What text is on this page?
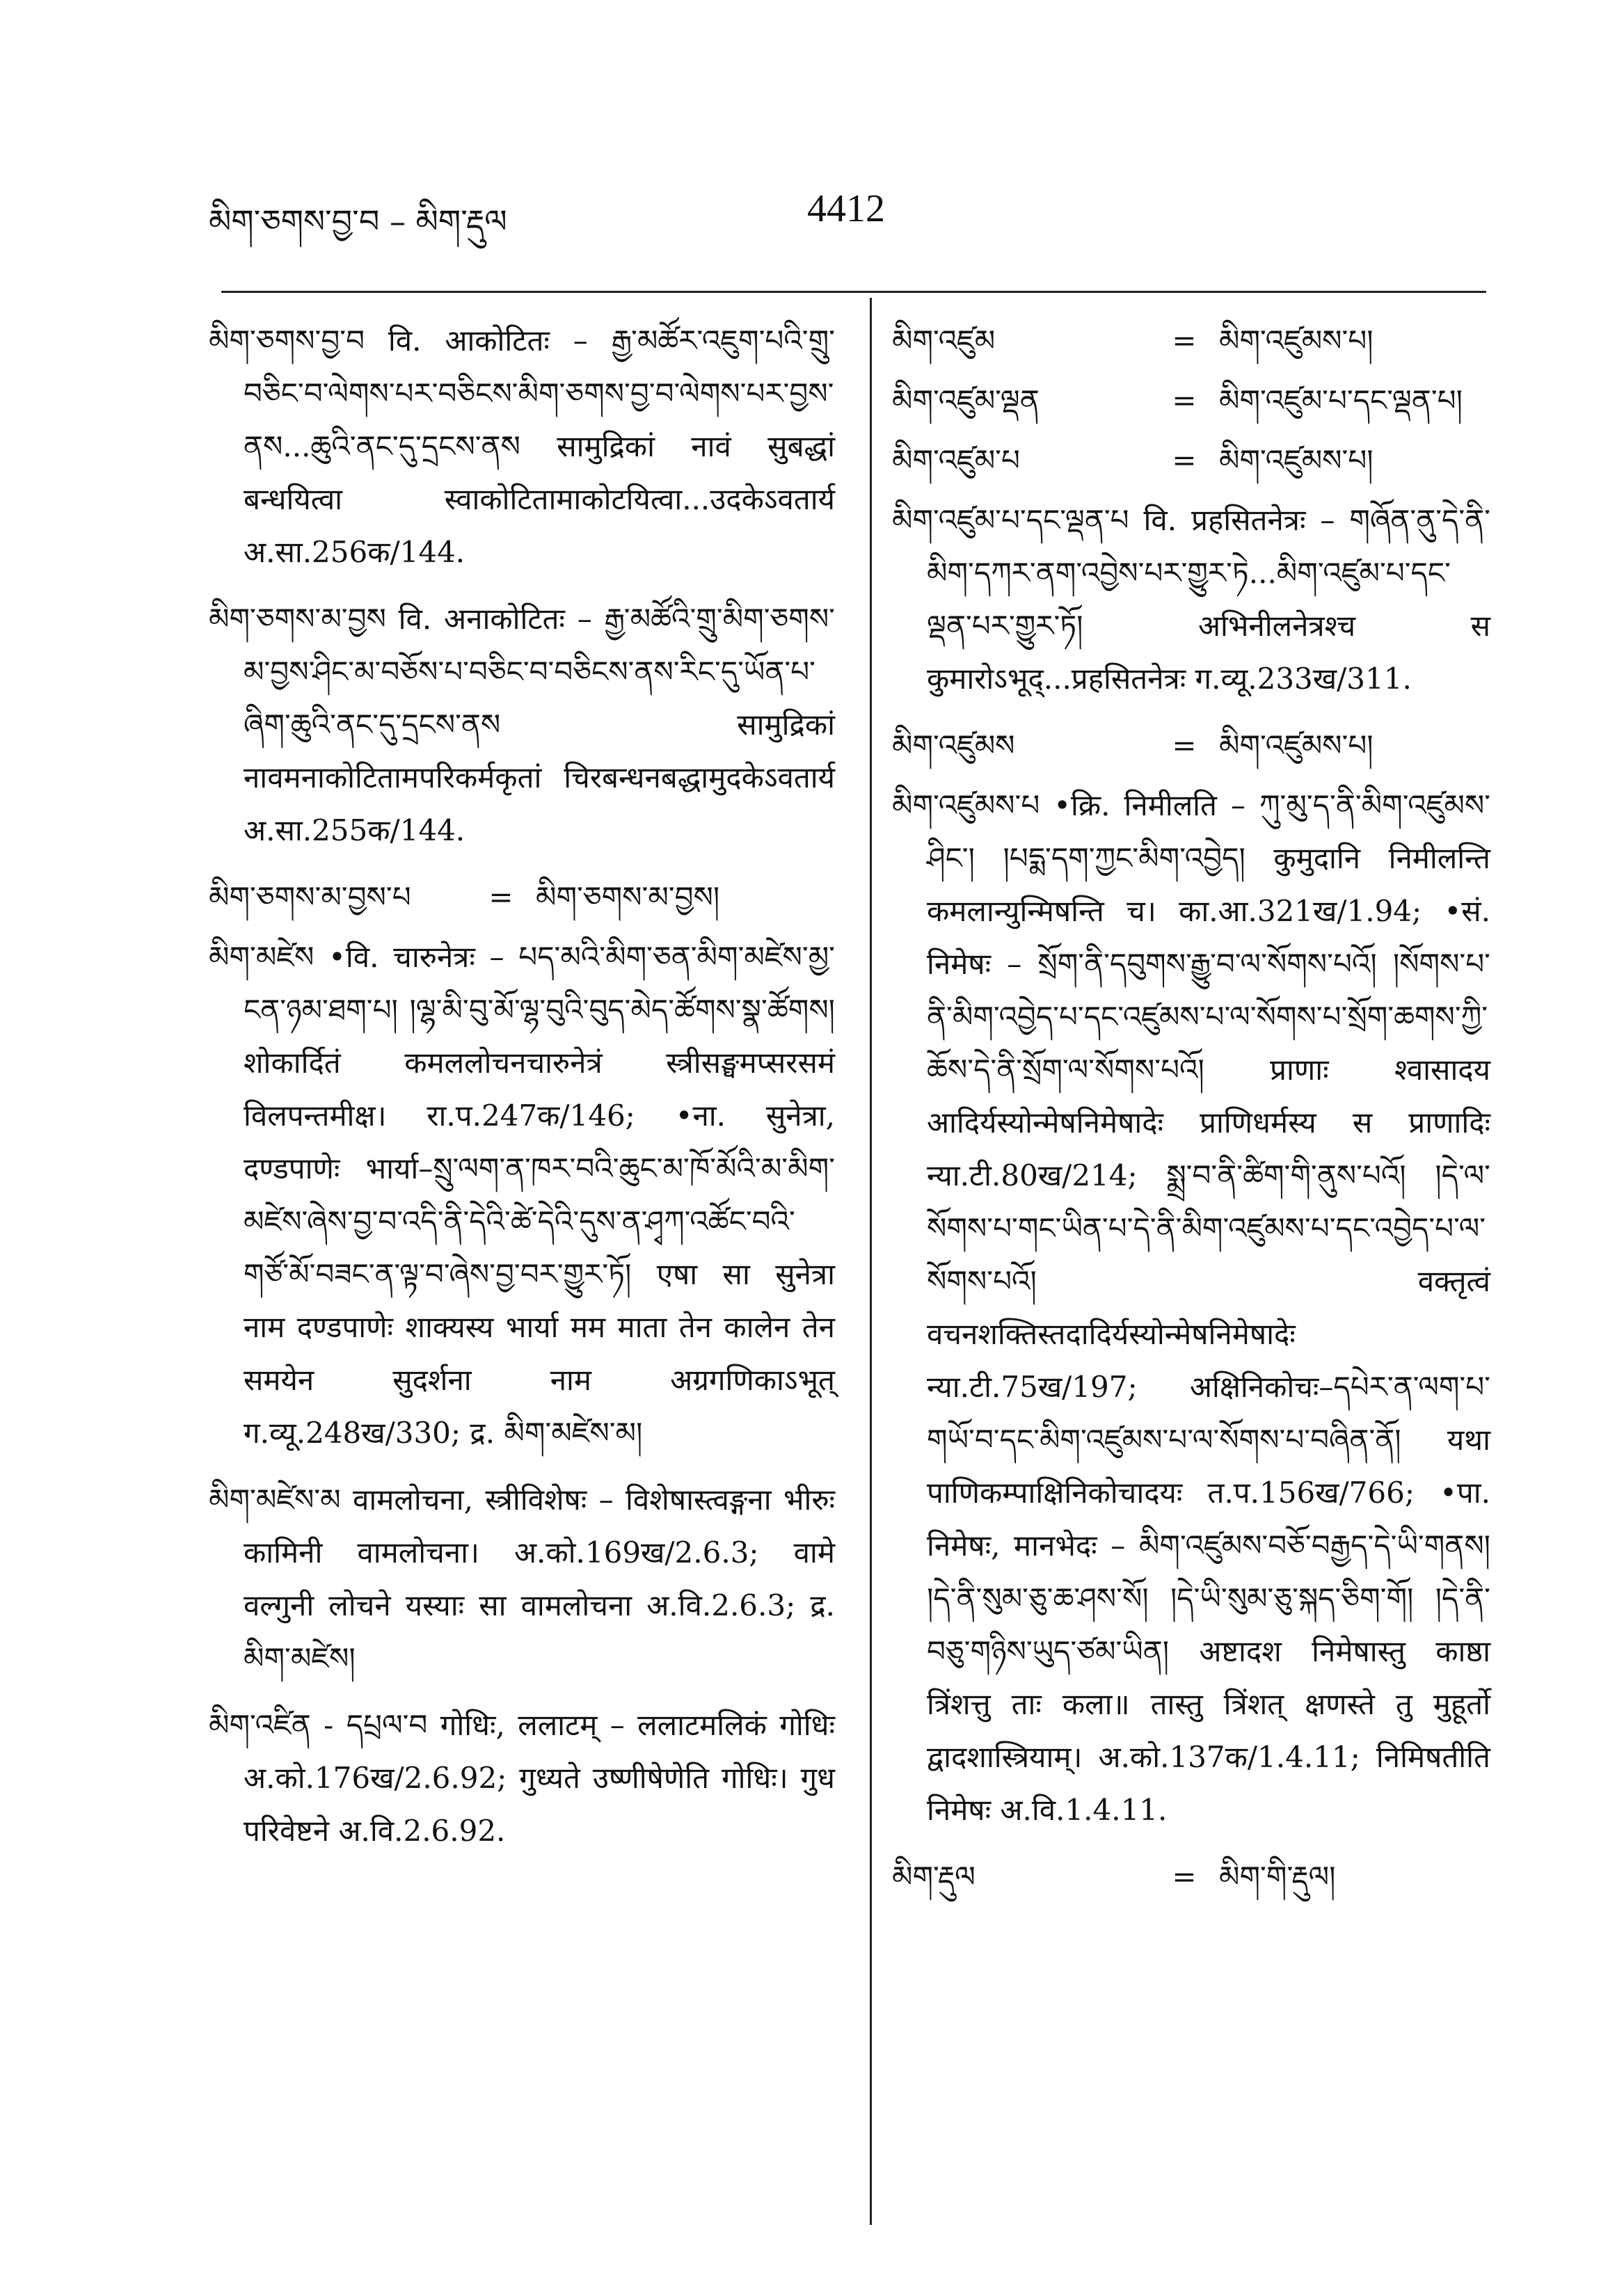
མིག་ཅགས་བྱ་བ – མིག་རྡུལ	4412
མིག་ཅགས་བྱ་བ वि. आकोटितः – རྒྱ་མཚོར་འཇུག་པའི་གྲུ་བཅིང་བ་ལེགས་པར་བཅིངས་མིག་ཅགས་བྱ་བ་ལེགས་པར་བྱས་ནས...ཆུའི་ནང་དུ་དྲངས་ནས सामुद्रिकां नावं सुबद्धां बन्धयित्वा स्वाकोटितामाकोटयित्वा...उदकेऽवतार्य अ.सा.256क/144.
མིག་ཅགས་མ་བྱས वि. अनाकोटितः – རྒྱ་མཚོའི་གྲུ་མིག་ཅགས་མ་བྱས་ཤིང་མ་བཅོས་པ་བཅིང་བ་བཅིངས་ནས་རིང་དུ་ཡོན་པ་ཞིག་ཆུའི་ནང་དུ་དྲངས་ནས सामुद्रिकां नावमनाकोटितामपरिकर्मकृतां चिरबन्धनबद्धामुदकेऽवतार्य अ.सा.255क/144.
མིག་ཅགས་མ་བྱས་པ	= མིག་ཅགས་མ་བྱས།
མིག་མཛེས •वि. चारुनेत्रः – པད་མའི་མིག་ཅན་མིག་མཛེས་མྱ་ངན་ཉམ་ཐག་པ། །ལྷ་མི་བུ་མོ་ལྷ་བུའི་བུད་མེད་ཚོགས་སྣ་ཚོགས། शोकार्दितं कमललोचनचारुनेत्रं स्त्रीसङ्घमप्सरसमं विलपन्तमीक्ष। रा.प.247क/146; •ना. सुनेत्रा, दण्डपाणेः भार्या–སྲུ་ལག་ན་ཁར་བའི་ཆུང་མ་ཁོ་མོའི་མ་མིག་མཛེས་ཞེས་བྱ་བ་འདི་ནི་དེའི་ཚེ་དེའི་དུས་ན་ཤྭཀ་འཚོང་བའི་གཙོ་མོ་བཟང་ན་ལྟ་བ་ཞེས་བྱ་བར་གྱུར་ཏོ། एषा सा सुनेत्रा नाम दण्डपाणेः शाक्यस्य भार्या मम माता तेन कालेन तेन समयेन सुदर्शना नाम अग्रगणिकाऽभूत् ग.व्यू.248ख/330; द्र. མིག་མཛེས་མ།
མིག་མཛེས་མ वामलोचना, स्त्रीविशेषः – विशेषास्त्वङ्गना भीरुः कामिनी वामलोचना। अ.को.169ख/2.6.3; वामे वल्गुनी लोचने यस्याः सा वामलोचना अ.वि.2.6.3; द्र. མིག་མཛེས།
མིག་འཛིན - དཔྲལ་བ गोधिः, ललाटम् – ललाटमलिकं गोधिः अ.को.176ख/2.6.92; गुध्यते उष्णीषेणेति गोधिः। गुध परिवेष्टने अ.वि.2.6.92.
མིག་འཛུམ	= མིག་འཛུམས་པ།
མིག་འཛུམ་ལྡན	= མིག་འཛུམ་པ་དང་ལྡན་པ།
མིག་འཛུམ་པ	= མིག་འཛུམས་པ།
མིག་འཛུམ་པ་དང་ལྡན་པ वि. प्रहसितनेत्रः – གཞོན་ནུ་དེ་ནི་མིག་དཀར་ནག་འབྱེས་པར་གྱུར་ཏེ...མིག་འཛུམ་པ་དང་ལྡན་པར་གྱུར་ཏོ། अभिनीलनेत्रश्च स कुमारोऽभूद्...प्रहसितनेत्रः ग.व्यू.233ख/311.
མིག་འཛུམས	= མིག་འཛུམས་པ།
མིག་འཛུམས་པ •क्रि. निमीलति – ཀུ་མུ་ད་ནི་མིག་འཛུམས་ཤིང་། །པདྨ་དག་ཀྱང་མིག་འབྱེད། कुमुदानि निमीलन्ति कमलान्युन्मिषन्ति च। का.आ.321ख/1.94; •सं. निमेषः – སྲོག་ནི་དབུགས་རྒྱུ་བ་ལ་སོགས་པའོ། །སོགས་པ་ནི་མིག་འབྱེད་པ་དང་འཛུམས་པ་ལ་སོགས་པ་སྲོག་ཆགས་ཀྱི་ཆོས་དེ་ནི་སྲོག་ལ་སོགས་པའོ། प्राणाः श्वासादय आदिर्यस्योन्मेषनिमेषादेः प्राणिधर्मस्य स प्राणादिः न्या.टी.80ख/214; སྨྲ་བ་ནི་ཚིག་གི་ནུས་པའོ། །དེ་ལ་སོགས་པ་གང་ཡིན་པ་དེ་ནི་མིག་འཛུམས་པ་དང་འབྱེད་པ་ལ་སོགས་པའོ། वक्तृत्वं वचनशक्तिस्तदादिर्यस्योन्मेषनिमेषादेः न्या.टी.75ख/197; अक्षिनिकोचः–དཔེར་ན་ལག་པ་གཡོ་བ་དང་མིག་འཛུམས་པ་ལ་སོགས་པ་བཞིན་ནོ། यथा पाणिकम्पाक्षिनिकोचादयः त.प.156ख/766; •पा. निमेषः, मानभेदः – མིག་འཛུམས་བཅོ་བརྒྱད་དེ་ཡི་གནས། །དེ་ནི་སུམ་ཅུ་ཆ་ཤས་སོ། །དེ་ཡི་སུམ་ཅུ་སྐད་ཅིག་གོ། །དེ་ནི་བཅུ་གཉིས་ཡུད་ཙམ་ཡིན། अष्टादश निमेषास्तु काष्ठा त्रिंशत्तु ताः कला॥ तास्तु त्रिंशत् क्षणस्ते तु मुहूर्तो द्वादशास्त्रियाम्। अ.को.137क/1.4.11; निमिषतीति निमेषः अ.वि.1.4.11.
མིག་རྡུལ	= མིག་གི་རྡུལ།
